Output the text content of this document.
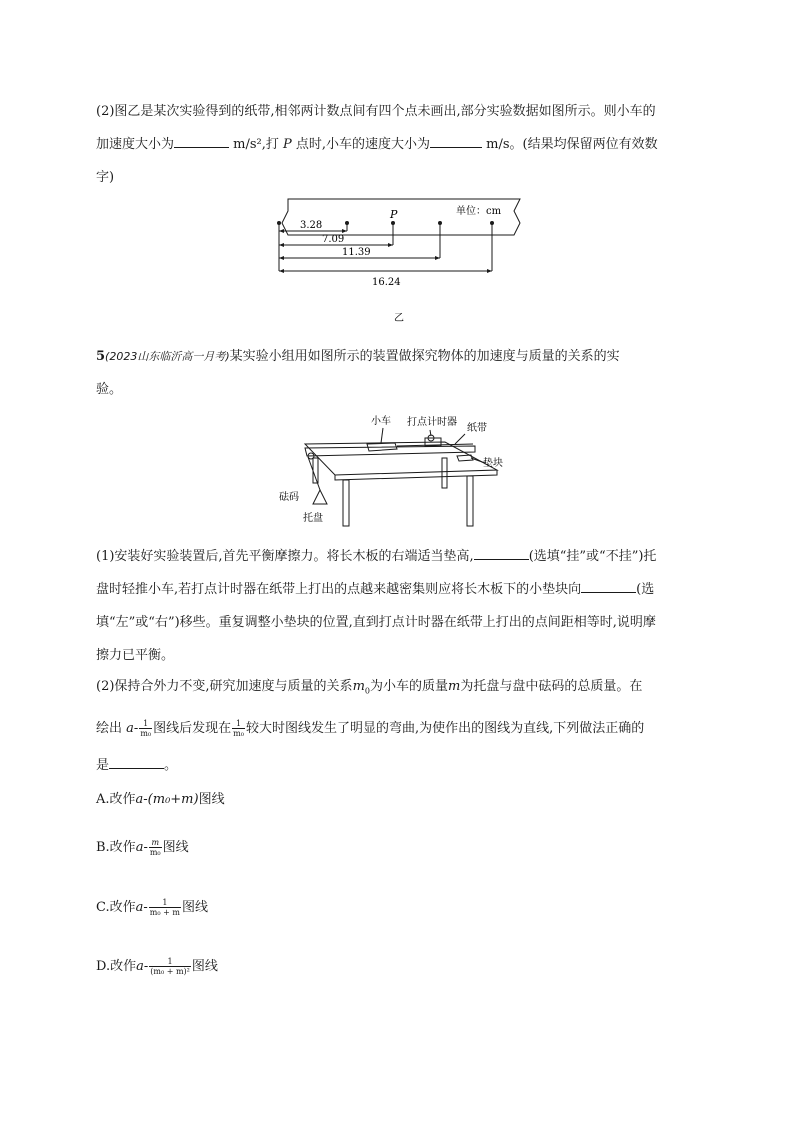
(2)图乙是某次实验得到的纸带,相邻两计数点间有四个点未画出,部分实验数据如图所示。则小车的
加速度大小为	m/s²,打 P 点时,小车的速度大小为	m/s。(结果均保留两位有效数
字)
P	单位：cm
3.28
7.09
11.39
16.24
乙
5(2023山东临沂高一月考)某实验小组用如图所示的装置做探究物体的加速度与质量的关系的实
验。
小车 打点计时器
纸带
垫块
砝码
托盘
(1)安装好实验装置后,首先平衡摩擦力。将长木板的右端适当垫高,	(选填“挂”或“不挂”)托
盘时轻推小车,若打点计时器在纸带上打出的点越来越密集则应将长木板下的小垫块向	(选
填“左”或“右”)移些。重复调整小垫块的位置,直到打点计时器在纸带上打出的点间距相等时,说明摩
擦力已平衡。
(2)保持合外力不变,研究加速度与质量的关系$m_0$为小车的质量m为托盘与盘中砝码的总质量。在
绘出 $a- \frac{1}{\text{m₀}}$ 图线后发现在 $\frac{1}{\text{m₀}}$ 较大时图线发生了明显的弯曲,为使作出的图线为直线,下列做法正确的
是	。
A.改作a-(m₀+m)图线
B.改作$a- \frac{m}{\text{m₀}}$ 图线
C.改作$a- \frac{1}{\text{m₀ + m}}$ 图线
D.改作$a- \frac{1}{\text{(m₀ + m)²}}$ 图线
